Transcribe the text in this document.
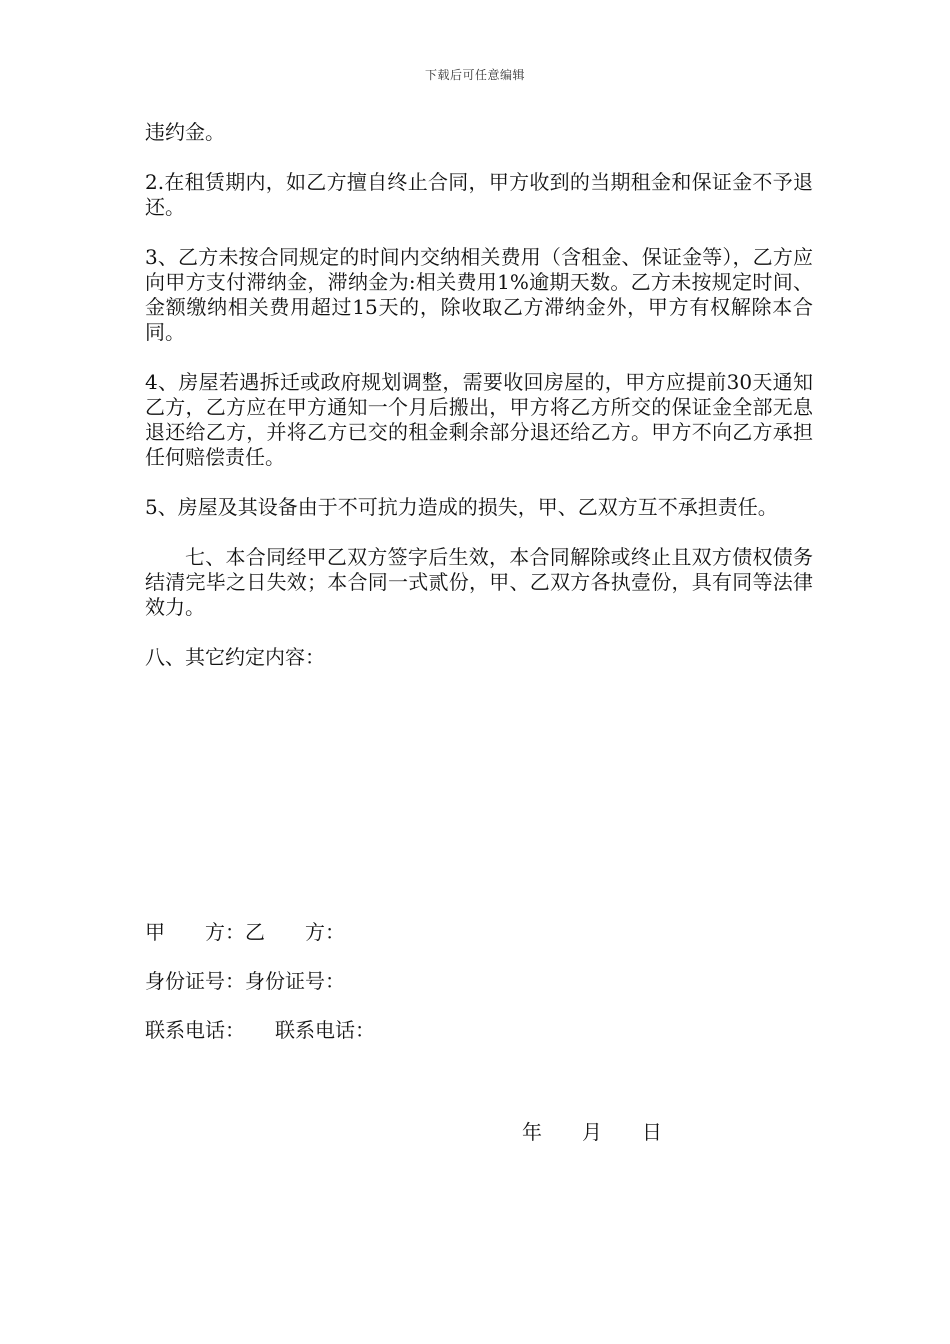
下载后可任意编辑

违约金。

2.在租赁期内，如乙方擅自终止合同，甲方收到的当期租金和保证金不予退还。

3、乙方未按合同规定的时间内交纳相关费用（含租金、保证金等），乙方应向甲方支付滞纳金，滞纳金为:相关费用1%逾期天数。乙方未按规定时间、金额缴纳相关费用超过15天的，除收取乙方滞纳金外，甲方有权解除本合同。

4、房屋若遇拆迁或政府规划调整，需要收回房屋的，甲方应提前30天通知乙方，乙方应在甲方通知一个月后搬出，甲方将乙方所交的保证金全部无息退还给乙方，并将乙方已交的租金剩余部分退还给乙方。甲方不向乙方承担任何赔偿责任。

5、房屋及其设备由于不可抗力造成的损失，甲、乙双方互不承担责任。

七、本合同经甲乙双方签字后生效，本合同解除或终止且双方债权债务结清完毕之日失效；本合同一式贰份，甲、乙双方各执壹份，具有同等法律效力。

八、其它约定内容：

甲　　方： 乙　　方：
身份证号： 身份证号：
联系电话：　　 联系电话：
年　　月　　日
